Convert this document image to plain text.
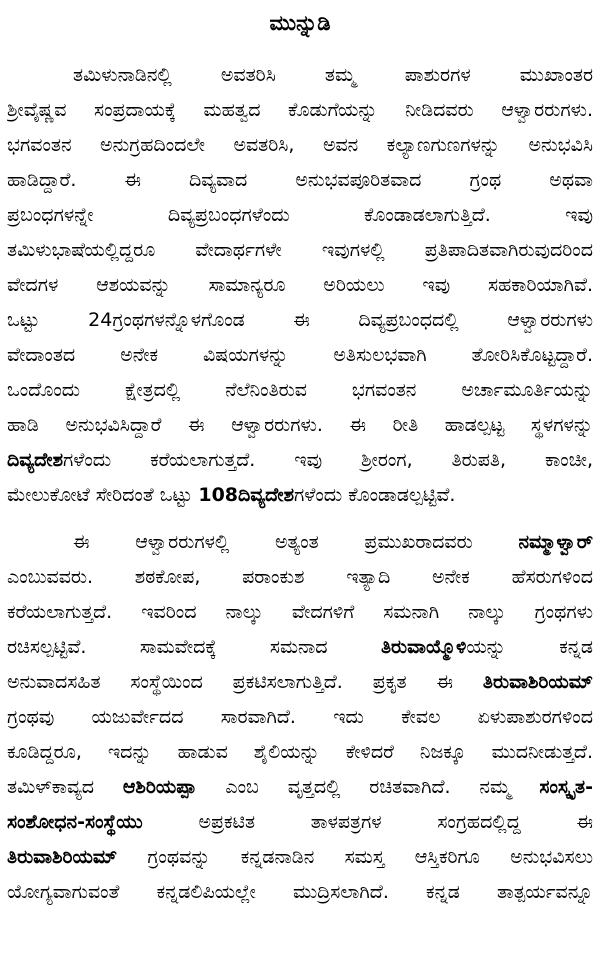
ಮುನ್ನುಡಿ
ತಮಿಳುನಾಡಿನಲ್ಲಿ ಅವತರಿಸಿ ತಮ್ಮ ಪಾಶುರಗಳ ಮುಖಾಂತರ
ಶ್ರೀವೈಷ್ಣವ ಸಂಪ್ರದಾಯಕ್ಕೆ ಮಹತ್ವದ ಕೊಡುಗೆಯನ್ನು ನೀಡಿದವರು ಆಳ್ವಾರರುಗಳು.
ಭಗವಂತನ ಅನುಗ್ರಹದಿಂದಲೇ ಅವತರಿಸಿ, ಅವನ ಕಲ್ಯಾಣಗುಣಗಳನ್ನು ಅನುಭವಿಸಿ
ಹಾಡಿದ್ದಾರೆ. ಈ ದಿವ್ಯವಾದ ಅನುಭವಪೂರಿತವಾದ ಗ್ರಂಥ ಅಥವಾ
ಪ್ರಬಂಧಗಳನ್ನೇ ದಿವ್ಯಪ್ರಬಂಧಗಳೆಂದು ಕೊಂಡಾಡಲಾಗುತ್ತಿದೆ. ಇವು
ತಮಿಳುಭಾಷೆಯಲ್ಲಿದ್ದರೂ ವೇದಾರ್ಥಗಳೇ ಇವುಗಳಲ್ಲಿ ಪ್ರತಿಪಾದಿತವಾಗಿರುವುದರಿಂದ
ವೇದಗಳ ಆಶಯವನ್ನು ಸಾಮಾನ್ಯರೂ ಅರಿಯಲು ಇವು ಸಹಕಾರಿಯಾಗಿವೆ.
ಒಟ್ಟು 24ಗ್ರಂಥಗಳನ್ನೊಳಗೊಂಡ ಈ ದಿವ್ಯಪ್ರಬಂಧದಲ್ಲಿ ಆಳ್ವಾರರುಗಳು
ವೇದಾಂತದ ಅನೇಕ ವಿಷಯಗಳನ್ನು ಅತಿಸುಲಭವಾಗಿ ತೋರಿಸಿಕೊಟ್ಟದ್ದಾರೆ.
ಒಂದೊಂದು ಕ್ಷೇತ್ರದಲ್ಲಿ ನೆಲೆನಿಂತಿರುವ ಭಗವಂತನ ಅರ್ಚಾಮೂರ್ತಿಯನ್ನು
ಹಾಡಿ ಅನುಭವಿಸಿದ್ದಾರೆ ಈ ಆಳ್ವಾರರುಗಳು. ಈ ರೀತಿ ಹಾಡಲ್ಪಟ್ಟ ಸ್ಥಳಗಳನ್ನು
ದಿವ್ಯದೇಶಗಳೆಂದು ಕರೆಯಲಾಗುತ್ತದೆ. ಇವು ಶ್ರೀರಂಗ, ತಿರುಪತಿ, ಕಾಂಚೀ,
ಮೇಲುಕೋಟೆ ಸೇರಿದಂತೆ ಒಟ್ಟು 108ದಿವ್ಯದೇಶಗಳೆಂದು ಕೊಂಡಾಡಲ್ಪಟ್ಟಿವೆ.
ಈ ಆಳ್ವಾರರುಗಳಲ್ಲಿ ಅತ್ಯಂತ ಪ್ರಮುಖರಾದವರು ನಮ್ಮಾಳ್ವಾರ್
ಎಂಬುವವರು. ಶಠಕೋಪ, ಪರಾಂಕುಶ ಇತ್ಯಾದಿ ಅನೇಕ ಹೆಸರುಗಳಿಂದ
ಕರೆಯಲಾಗುತ್ತದೆ. ಇವರಿಂದ ನಾಲ್ಕು ವೇದಗಳಿಗೆ ಸಮನಾಗಿ ನಾಲ್ಕು ಗ್ರಂಥಗಳು
ರಚಿಸಲ್ಪಟ್ಟಿವೆ. ಸಾಮವೇದಕ್ಕೆ ಸಮನಾದ ತಿರುವಾಯ್ಮೊಳಿಯನ್ನು ಕನ್ನಡ
ಅನುವಾದಸಹಿತ ಸಂಸ್ಥೆಯಿಂದ ಪ್ರಕಟಿಸಲಾಗುತ್ತಿದೆ. ಪ್ರಕೃತ ಈ ತಿರುವಾಶಿರಿಯಮ್
ಗ್ರಂಥವು ಯಜುರ್ವೇದದ ಸಾರವಾಗಿದೆ. ಇದು ಕೇವಲ ಏಳುಪಾಶುರಗಳಿಂದ
ಕೂಡಿದ್ದರೂ, ಇದನ್ನು ಹಾಡುವ ಶೈಲಿಯನ್ನು ಕೇಳಿದರೆ ನಿಜಕ್ಕೂ ಮುದನೀಡುತ್ತದೆ.
ತಮಿಳ್‌ಕಾವ್ಯದ ಆಶಿರಿಯಪ್ಪಾ ಎಂಬ ವೃತ್ತದಲ್ಲಿ ರಚಿತವಾಗಿದೆ. ನಮ್ಮ ಸಂಸ್ಕೃತ-
ಸಂಶೋಧನ-ಸಂಸ್ಥೆಯು ಅಪ್ರಕಟಿತ ತಾಳಪತ್ರಗಳ ಸಂಗ್ರಹದಲ್ಲಿದ್ದ ಈ
ತಿರುವಾಶಿರಿಯಮ್ ಗ್ರಂಥವನ್ನು ಕನ್ನಡನಾಡಿನ ಸಮಸ್ತ ಆಸ್ತಿಕರಿಗೂ ಅನುಭವಿಸಲು
ಯೋಗ್ಯವಾಗುವಂತೆ ಕನ್ನಡಲಿಪಿಯಲ್ಲೇ ಮುದ್ರಿಸಲಾಗಿದೆ. ಕನ್ನಡ ತಾತ್ಪರ್ಯವನ್ನೂ
